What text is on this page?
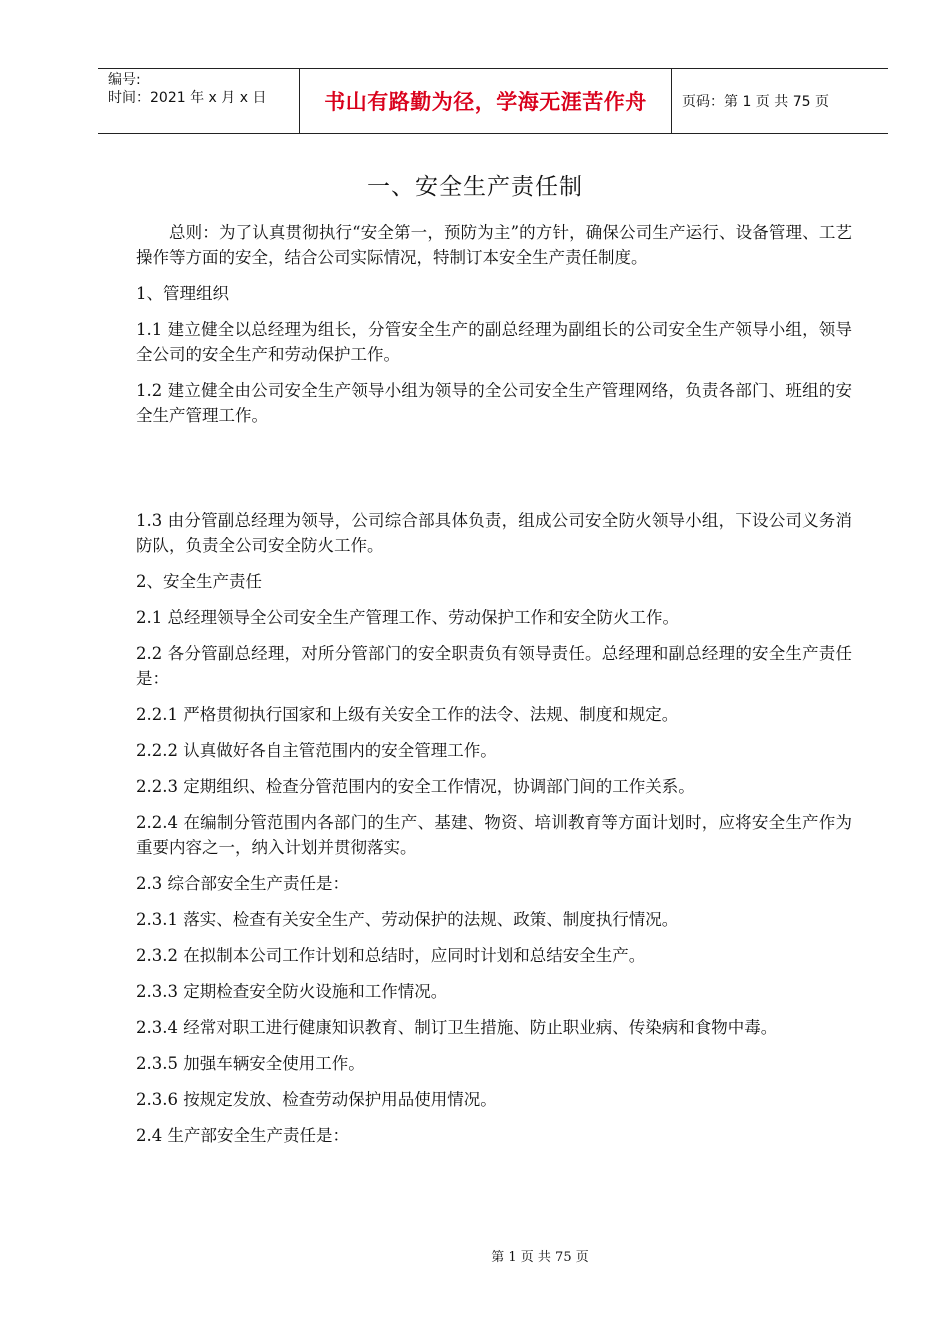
编号:
时间：2021 年 x 月 x 日	书山有路勤为径，学海无涯苦作舟	页码：第 1 页 共 75 页
一、安全生产责任制

总则：为了认真贯彻执行“安全第一，预防为主”的方针，确保公司生产运行、设备管理、工艺操作等方面的安全，结合公司实际情况，特制订本安全生产责任制度。

1、管理组织

1.1 建立健全以总经理为组长，分管安全生产的副总经理为副组长的公司安全生产领导小组，领导全公司的安全生产和劳动保护工作。

1.2 建立健全由公司安全生产领导小组为领导的全公司安全生产管理网络，负责各部门、班组的安全生产管理工作。

1.3 由分管副总经理为领导，公司综合部具体负责，组成公司安全防火领导小组，下设公司义务消防队，负责全公司安全防火工作。

2、安全生产责任

2.1 总经理领导全公司安全生产管理工作、劳动保护工作和安全防火工作。

2.2 各分管副总经理，对所分管部门的安全职责负有领导责任。总经理和副总经理的安全生产责任是：

2.2.1 严格贯彻执行国家和上级有关安全工作的法令、法规、制度和规定。

2.2.2 认真做好各自主管范围内的安全管理工作。

2.2.3 定期组织、检查分管范围内的安全工作情况，协调部门间的工作关系。

2.2.4 在编制分管范围内各部门的生产、基建、物资、培训教育等方面计划时，应将安全生产作为重要内容之一，纳入计划并贯彻落实。

2.3 综合部安全生产责任是：

2.3.1 落实、检查有关安全生产、劳动保护的法规、政策、制度执行情况。

2.3.2 在拟制本公司工作计划和总结时，应同时计划和总结安全生产。

2.3.3 定期检查安全防火设施和工作情况。

2.3.4 经常对职工进行健康知识教育、制订卫生措施、防止职业病、传染病和食物中毒。

2.3.5 加强车辆安全使用工作。

2.3.6 按规定发放、检查劳动保护用品使用情况。

2.4 生产部安全生产责任是：

第 1 页 共 75 页
